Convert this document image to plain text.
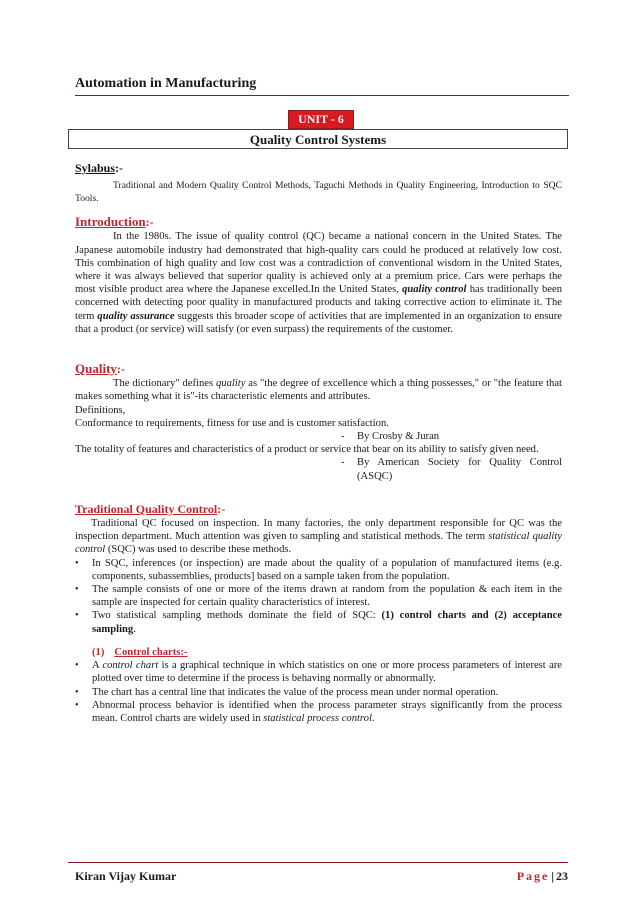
Automation in Manufacturing
UNIT - 6
Quality Control Systems

Sylabus:-

Traditional and Modern Quality Control Methods, Taguchi Methods in Quality Engineering, Introduction to SQC Tools.

Introduction:-

In the 1980s. The issue of quality control (QC) became a national concern in the United States. The Japanese automobile industry had demonstrated that high-quality cars could he produced at relatively low cost. This combination of high quality and low cost was a contradiction of conventional wisdom in the United States, where it was always believed that superior quality is achieved only at a premium price. Cars were perhaps the most visible product area where the Japanese excelled.In the United States, quality control has traditionally been concerned with detecting poor quality in manufactured products and taking corrective action to eliminate it. The term quality assurance suggests this broader scope of activities that are implemented in an organization to ensure that a product (or service) will satisfy (or even surpass) the requirements of the customer.

Quality:-

The dictionary" defines quality as "the degree of excellence which a thing possesses," or "the feature that makes something what it is"-its characteristic elements and attributes.

Definitions,

Conformance to requirements, fitness for use and is customer satisfaction.

-	By Crosby & Juran

The totality of features and characteristics of a product or service that bear on its ability to satisfy given need.

-	By American Society for Quality Control (ASQC)

Traditional Quality Control:-

Traditional QC focused on inspection. In many factories, the only department responsible for QC was the inspection department. Much attention was given to sampling and statistical methods. The term statistical quality control (SQC) was used to describe these methods.

• In SQC, inferences (or inspection) are made about the quality of a population of manufactured items (e.g. components, subassemblies, products] based on a sample taken from the population.
• The sample consists of one or more of the items drawn at random from the population & each item in the sample are inspected for certain quality characteristics of interest.
• Two statistical sampling methods dominate the field of SQC: (1) control charts and (2) acceptance sampling.

(1) Control charts:-

• A control chart is a graphical technique in which statistics on one or more process parameters of interest are plotted over time to determine if the process is behaving normally or abnormally.
• The chart has a central line that indicates the value of the process mean under normal operation.
• Abnormal process behavior is identified when the process parameter strays significantly from the process mean. Control charts are widely used in statistical process control.
Kiran Vijay Kumar	Page | 23
